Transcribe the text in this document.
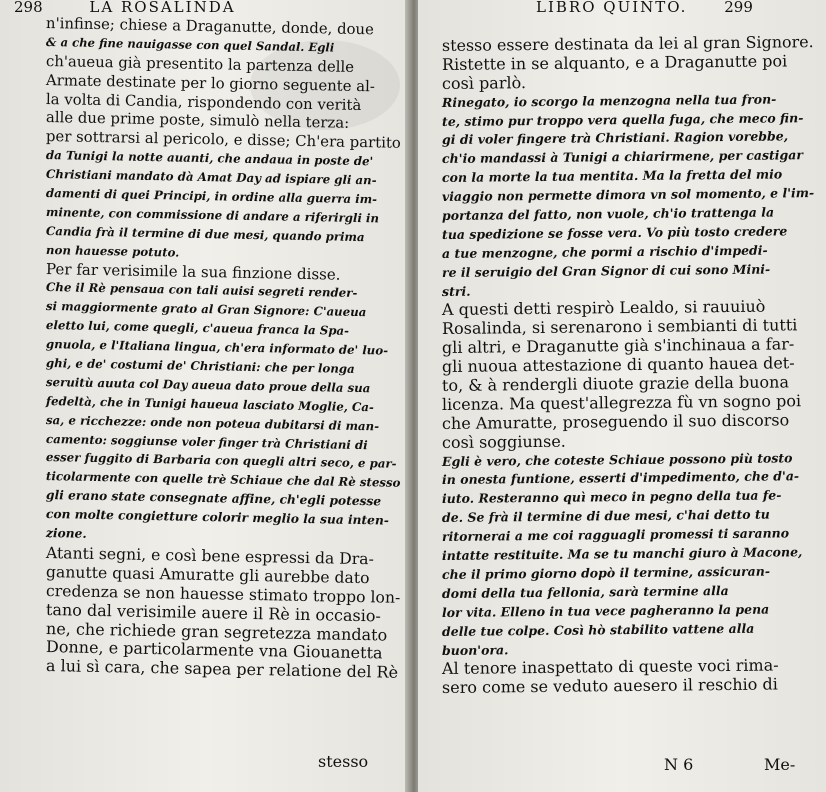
298	LA ROSALINDA
n'infinse; chiese a Draganutte, donde, doue
& a che fine nauigasse con quel Sandal. Egli
ch'aueua già presentito la partenza delle
Armate destinate per lo giorno seguente al-
la volta di Candia, rispondendo con verità
alle due prime poste, simulò nella terza:
per sottrarsi al pericolo, e disse; Ch'era partito
da Tunigi la notte auanti, che andaua in poste de'
Christiani mandato dà Amat Day ad ispiare gli an-
damenti di quei Principi, in ordine alla guerra im-
minente, con commissione di andare a riferirgli in
Candia frà il termine di due mesi, quando prima
non hauesse potuto.
Per far verisimile la sua finzione disse.
Che il Rè pensaua con tali auisi segreti render-
si maggiormente grato al Gran Signore: C'aueua
eletto lui, come quegli, c'aueua franca la Spa-
gnuola, e l'Italiana lingua, ch'era informato de' luo-
ghi, e de' costumi de' Christiani: che per longa
seruitù auuta col Day aueua dato proue della sua
fedeltà, che in Tunigi haueua lasciato Moglie, Ca-
sa, e ricchezze: onde non poteua dubitarsi di man-
camento: soggiunse voler finger trà Christiani di
esser fuggito di Barbaria con quegli altri seco, e par-
ticolarmente con quelle trè Schiaue che dal Rè stesso
gli erano state consegnate affine, ch'egli potesse
con molte congietture colorir meglio la sua inten-
zione.
Atanti segni, e così bene espressi da Dra-
ganutte quasi Amuratte gli aurebbe dato
credenza se non hauesse stimato troppo lon-
tano dal verisimile auere il Rè in occasio-
ne, che richiede gran segretezza mandato
Donne, e particolarmente vna Giouanetta
a lui sì cara, che sapea per relatione del Rè
stesso
LIBRO QUINTO. 299
stesso essere destinata da lei al gran Signore.
Ristette in se alquanto, e a Draganutte poi
così parlò.
Rinegato, io scorgo la menzogna nella tua fron-
te, stimo pur troppo vera quella fuga, che meco fin-
gi di voler fingere trà Christiani. Ragion vorebbe,
ch'io mandassi à Tunigi a chiarirmene, per castigar
con la morte la tua mentita. Ma la fretta del mio
viaggio non permette dimora vn sol momento, e l'im-
portanza del fatto, non vuole, ch'io trattenga la
tua spedizione se fosse vera. Vo più tosto credere
a tue menzogne, che pormi a rischio d'impedi-
re il seruigio del Gran Signor di cui sono Mini-
stri.
A questi detti respirò Lealdo, si rauuiuò
Rosalinda, si serenarono i sembianti di tutti
gli altri, e Draganutte già s'inchinaua a far-
gli nuoua attestazione di quanto hauea det-
to, & à rendergli diuote grazie della buona
licenza. Ma quest'allegrezza fù vn sogno poi
che Amuratte, proseguendo il suo discorso
così soggiunse.
Egli è vero, che coteste Schiaue possono più tosto
in onesta funtione, esserti d'impedimento, che d'a-
iuto. Resteranno quì meco in pegno della tua fe-
de. Se frà il termine di due mesi, c'hai detto tu
ritornerai a me coi ragguagli promessi ti saranno
intatte restituite. Ma se tu manchi giuro à Macone,
che il primo giorno dopò il termine, assicuran-
domi della tua fellonia, sarà termine alla
lor vita. Elleno in tua vece pagheranno la pena
delle tue colpe. Così hò stabilito vattene alla
buon'ora.
Al tenore inaspettato di queste voci rima-
sero come se veduto auesero il reschio di
N 6	Me-
